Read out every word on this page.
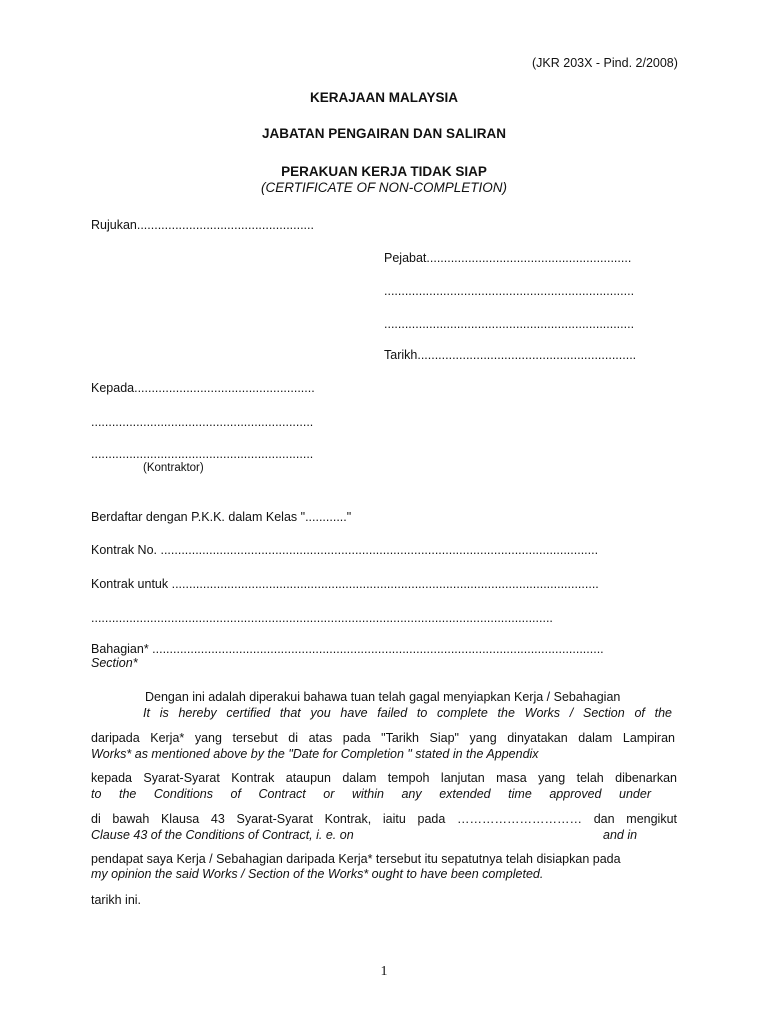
(JKR 203X - Pind. 2/2008)
KERAJAAN MALAYSIA
JABATAN PENGAIRAN DAN SALIRAN
PERAKUAN KERJA TIDAK SIAP
(CERTIFICATE OF NON-COMPLETION)
Rujukan...................................................
Pejabat...........................................................
........................................................................
........................................................................
Tarikh...............................................................
Kepada....................................................
................................................................
................................................................
(Kontraktor)
Berdaftar dengan P.K.K. dalam Kelas "............"
Kontrak No. ..............................................................................................................................
Kontrak untuk ...........................................................................................................................
.....................................................................................................................................
Bahagian* ..................................................................................................................................
Section*
Dengan ini adalah diperakui bahawa tuan telah gagal menyiapkan Kerja / Sebahagian
It is hereby certified that you have failed to complete the Works / Section of the
daripada Kerja* yang tersebut di atas pada "Tarikh Siap" yang dinyatakan dalam Lampiran
Works* as mentioned above by the "Date for Completion " stated in the Appendix
kepada Syarat-Syarat Kontrak ataupun dalam tempoh lanjutan masa yang telah dibenarkan
to the Conditions of Contract or within any extended time approved under
di bawah Klausa 43 Syarat-Syarat Kontrak, iaitu pada ………………………… dan mengikut
Clause 43 of the Conditions of Contract, i. e. on	and in
pendapat saya Kerja / Sebahagian daripada Kerja* tersebut itu sepatutnya telah disiapkan pada
my opinion the said Works / Section of the Works* ought to have been completed.
tarikh ini.
1
